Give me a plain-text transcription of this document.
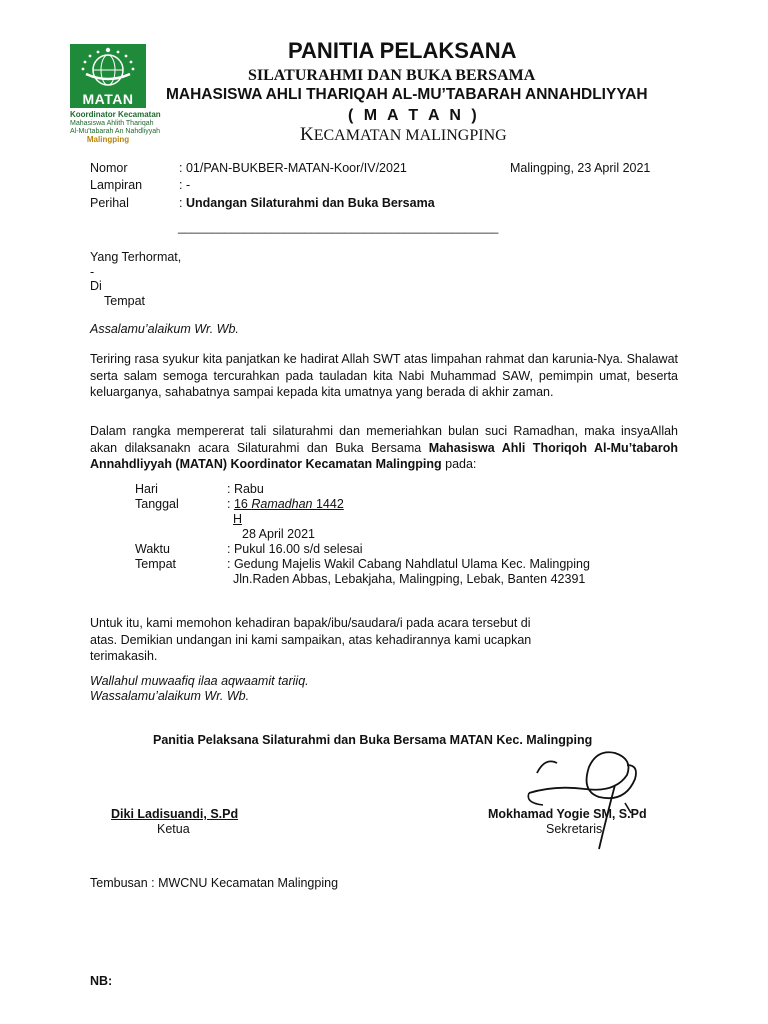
MATAN
Koordinator Kecamatan
Mahasiswa Ahlith Thariqah
Al-Mu'tabarah An Nahdliyyah
Malingping
PANITIA PELAKSANA
SILATURAHMI DAN BUKA BERSAMA
MAHASISWA AHLI THARIQAH AL-MU’TABARAH ANNAHDLIYYAH
( M A T A N )
KECAMATAN MALINGPING
Nomor	: 01/PAN-BUKBER-MATAN-Koor/IV/2021	Malingping, 23 April 2021
Lampiran	: -
Perihal	: Undangan Silaturahmi dan Buka Bersama
________________________________________________
Yang Terhormat,
-
Di
Tempat
Assalamu’alaikum Wr. Wb.
Teriring rasa syukur kita panjatkan ke hadirat Allah SWT atas limpahan rahmat dan karunia-Nya. Shalawat serta salam semoga tercurahkan pada tauladan kita Nabi Muhammad SAW, pemimpin umat, beserta keluarganya, sahabatnya sampai kepada kita umatnya yang berada di akhir zaman.
Dalam rangka mempererat tali silaturahmi dan memeriahkan bulan suci Ramadhan, maka insyaAllah akan dilaksanakn acara Silaturahmi dan Buka Bersama Mahasiswa Ahli Thoriqoh Al-Mu’tabaroh Annahdliyyah (MATAN) Koordinator Kecamatan Malingping pada:
Hari	: Rabu
Tanggal	: 16 Ramadhan 1442
H
28 April 2021
Waktu	: Pukul 16.00 s/d selesai
Tempat	: Gedung Majelis Wakil Cabang Nahdlatul Ulama Kec. Malingping
Jln.Raden Abbas, Lebakjaha, Malingping, Lebak, Banten 42391
Untuk itu, kami memohon kehadiran bapak/ibu/saudara/i pada acara tersebut di atas. Demikian undangan ini kami sampaikan, atas kehadirannya kami ucapkan terimakasih.
Wallahul muwaafiq ilaa aqwaamit tariiq.
Wassalamu’alaikum Wr. Wb.
Panitia Pelaksana Silaturahmi dan Buka Bersama MATAN Kec. Malingping
Diki Ladisuandi, S.Pd
Ketua
Mokhamad Yogie SM, S.Pd
Sekretaris
Tembusan : MWCNU Kecamatan Malingping
NB:
